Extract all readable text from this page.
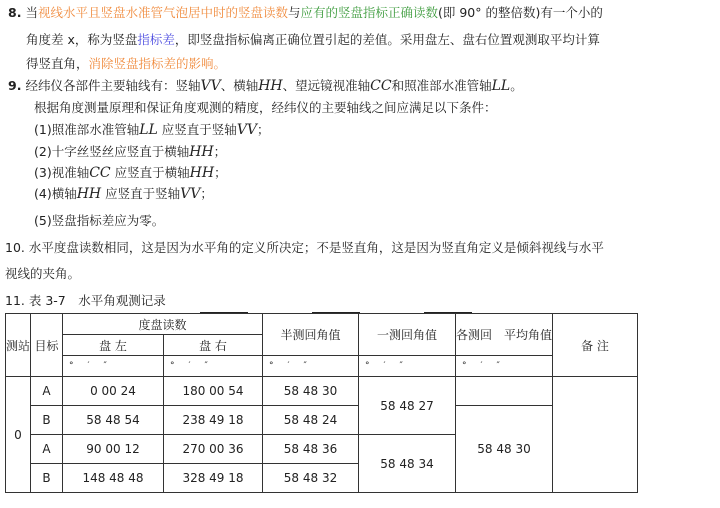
8. 当视线水平且竖盘水准管气泡居中时的竖盘读数与应有的竖盘指标正确读数(即 90° 的整倍数)有一个小的
角度差 x，称为竖盘指标差，即竖盘指标偏离正确位置引起的差值。采用盘左、盘右位置观测取平均计算
得竖直角，消除竖盘指标差的影响。
9. 经纬仪各部件主要轴线有：竖轴VV、横轴HH、望远镜视准轴CC和照准部水准管轴LL。
根据角度测量原理和保证角度观测的精度，经纬仪的主要轴线之间应满足以下条件：
(1)照准部水准管轴LL 应竖直于竖轴VV；
(2)十字丝竖丝应竖直于横轴HH；
(3)视准轴CC 应竖直于横轴HH；
(4)横轴HH 应竖直于竖轴VV；
(5)竖盘指标差应为零。
10. 水平度盘读数相同，这是因为水平角的定义所决定；不是竖直角，这是因为竖直角定义是倾斜视线与水平
视线的夹角。
11. 表 3-7　水平角观测记录
测站	目标	度盘读数		半测回角值	一测回角值	各测回　平均角值	备 注
		盘 左	盘 右				
		°′″	°′″	°′″	°′″	°′″	
0	A	0 00 24	180 00 54	58 48 30	58 48 27		
	B	58 48 54	238 49 18	58 48 24		58 48 30	
	A	90 00 12	270 00 36	58 48 36	58 48 34		
	B	148 48 48	328 49 18	58 48 32			
